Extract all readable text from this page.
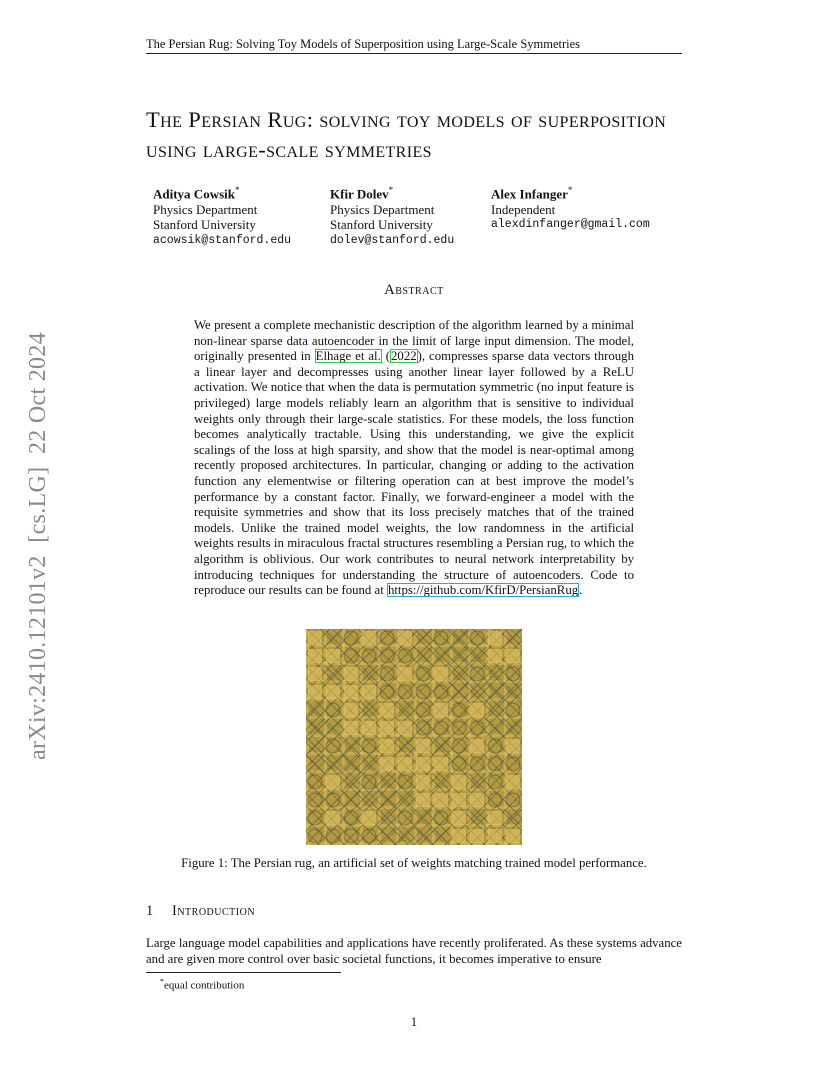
The Persian Rug: Solving Toy Models of Superposition using Large-Scale Symmetries
arXiv:2410.12101v2  [cs.LG]  22 Oct 2024
The Persian Rug: solving toy models of superposition using large-scale symmetries
Aditya Cowsik*
Physics Department
Stanford University
acowsik@stanford.edu
Kfir Dolev*
Physics Department
Stanford University
dolev@stanford.edu
Alex Infanger*
Independent
alexdinfanger@gmail.com
Abstract
We present a complete mechanistic description of the algorithm learned by a minimal non-linear sparse data autoencoder in the limit of large input dimension. The model, originally presented in Elhage et al. (2022), compresses sparse data vectors through a linear layer and decompresses using another linear layer followed by a ReLU activation. We notice that when the data is permutation symmetric (no input feature is privileged) large models reliably learn an algorithm that is sensitive to individual weights only through their large-scale statistics. For these models, the loss function becomes analytically tractable. Using this understanding, we give the explicit scalings of the loss at high sparsity, and show that the model is near-optimal among recently proposed architectures. In particular, changing or adding to the activation function any elementwise or filtering operation can at best improve the model’s performance by a constant factor. Finally, we forward-engineer a model with the requisite symmetries and show that its loss precisely matches that of the trained models. Unlike the trained model weights, the low randomness in the artificial weights results in miraculous fractal structures resembling a Persian rug, to which the algorithm is oblivious. Our work contributes to neural network interpretability by introducing techniques for understanding the structure of autoencoders. Code to reproduce our results can be found at https://github.com/KfirD/PersianRug.
Figure 1: The Persian rug, an artificial set of weights matching trained model performance.
1 Introduction
Large language model capabilities and applications have recently proliferated. As these systems advance and are given more control over basic societal functions, it becomes imperative to ensure
*equal contribution
1
